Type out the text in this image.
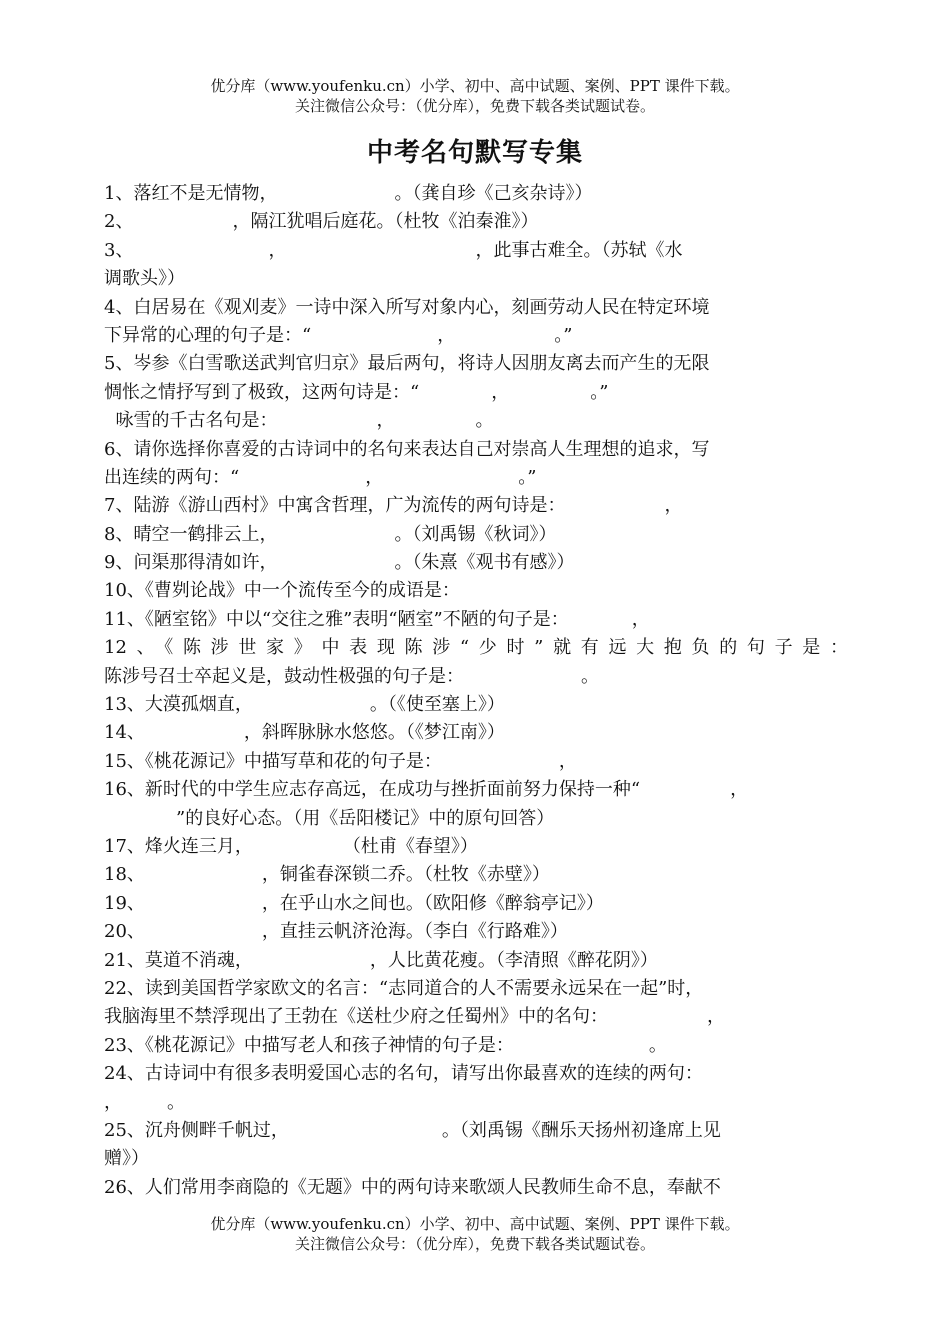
优分库（www.youfenku.cn）小学、初中、高中试题、案例、PPT 课件下载。
关注微信公众号：（优分库），免费下载各类试题试卷。
中考名句默写专集
1、落红不是无情物，　　　　　　　。（龚自珍《己亥杂诗》）
2、　　　　　　，隔江犹唱后庭花。（杜牧《泊秦淮》）
3、　　　　　　　　，　　　　　　　　　　　，此事古难全。（苏轼《水
调歌头》）
4、白居易在《观刈麦》一诗中深入所写对象内心，刻画劳动人民在特定环境
下异常的心理的句子是：“　　　　　　　，　　　　　　。”
5、岑参《白雪歌送武判官归京》最后两句，将诗人因朋友离去而产生的无限
惆怅之情抒写到了极致，这两句诗是：“　　　　，　　　　　。”
咏雪的千古名句是：　　　　　　，　　　　　。
6、请你选择你喜爱的古诗词中的名句来表达自己对崇高人生理想的追求，写
出连续的两句：“　　　　　　　，　　　　　　　　。”
7、陆游《游山西村》中寓含哲理，广为流传的两句诗是：　　　　　　，
8、晴空一鹤排云上，　　　　　　　。（刘禹锡《秋词》）
9、问渠那得清如许，　　　　　　　。（朱熹《观书有感》）
10、《曹刿论战》中一个流传至今的成语是：
11、《陋室铭》中以“交往之雅”表明“陋室”不陋的句子是：　　　　，
12、《陈涉世家》中表现陈涉“少时”就有远大抱负的句子是：
陈涉号召士卒起义是，鼓动性极强的句子是：　　　　　　　。
13、大漠孤烟直，　　　　　　　。（《使至塞上》）
14、　　　　　　，斜晖脉脉水悠悠。（《梦江南》）
15、《桃花源记》中描写草和花的句子是：　　　　　　　，
16、新时代的中学生应志存高远，在成功与挫折面前努力保持一种“　　　　　，
　　　　”的良好心态。（用《岳阳楼记》中的原句回答）
17、烽火连三月，　　　　　　（杜甫《春望》）
18、　　　　　　　，铜雀春深锁二乔。（杜牧《赤壁》）
19、　　　　　　　，在乎山水之间也。（欧阳修《醉翁亭记》）
20、　　　　　　　，直挂云帆济沧海。（李白《行路难》）
21、莫道不消魂，　　　　　　　，人比黄花瘦。（李清照《醉花阴》）
22、读到美国哲学家欧文的名言：“志同道合的人不需要永远呆在一起”时，
我脑海里不禁浮现出了王勃在《送杜少府之任蜀州》中的名句：　　　　　　，
23、《桃花源记》中描写老人和孩子神情的句子是：　　　　　　　　。
24、古诗词中有很多表明爱国心志的名句，请写出你最喜欢的连续的两句：
，　　　。
25、沉舟侧畔千帆过，　　　　　　　　　。（刘禹锡《酬乐天扬州初逢席上见
赠》）
26、人们常用李商隐的《无题》中的两句诗来歌颂人民教师生命不息，奉献不
优分库（www.youfenku.cn）小学、初中、高中试题、案例、PPT 课件下载。
关注微信公众号：（优分库），免费下载各类试题试卷。
